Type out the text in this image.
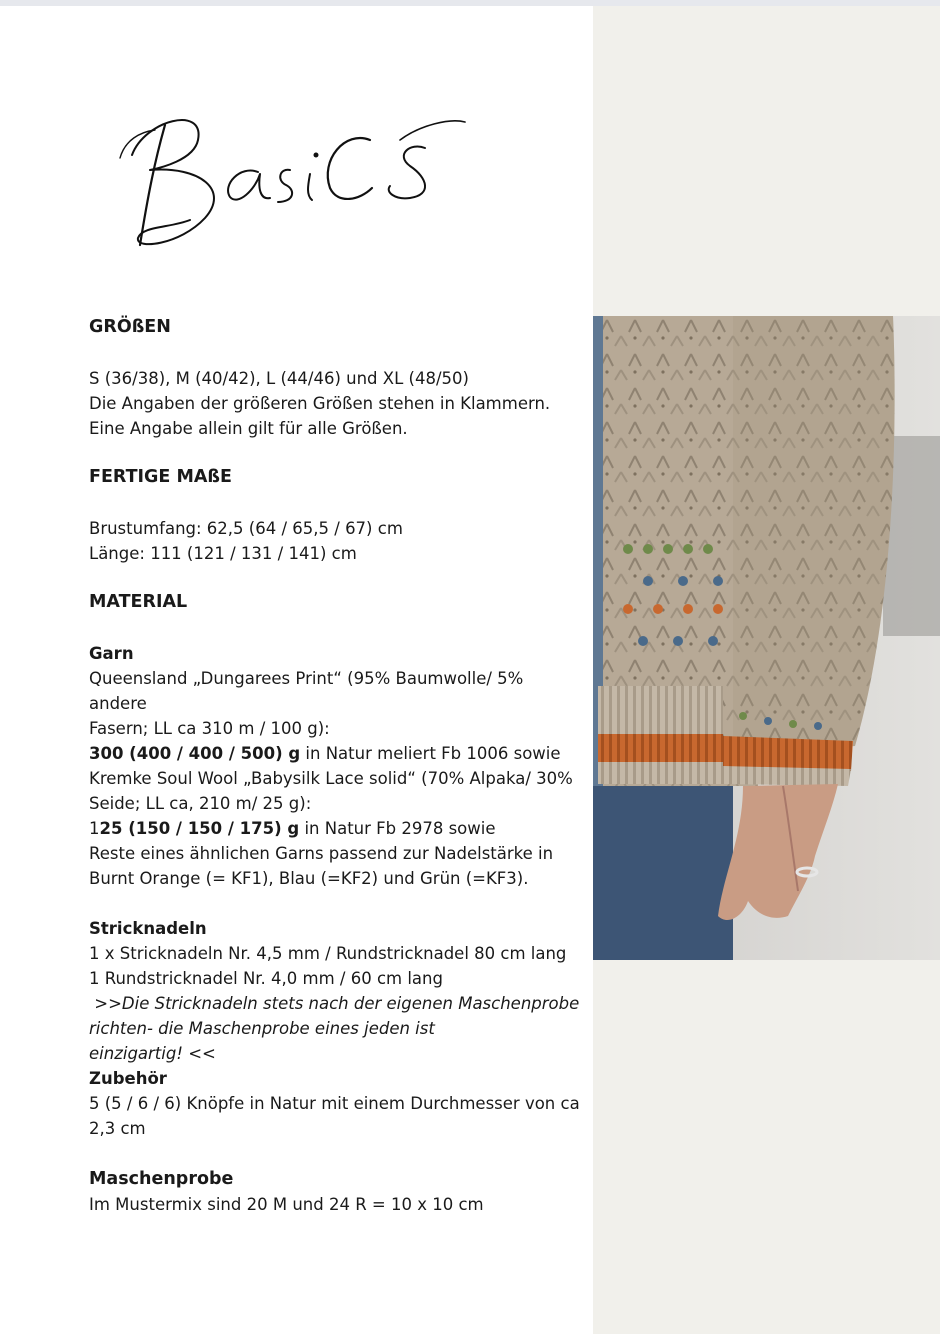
GRÖßEN

S (36/38), M (40/42), L (44/46) und XL (48/50)

Die Angaben der größeren Größen stehen in Klammern.

Eine Angabe allein gilt für alle Größen.

FERTIGE MAßE

Brustumfang: 62,5 (64 / 65,5 / 67) cm

Länge: 111 (121 / 131 / 141) cm

MATERIAL

Garn

Queensland „Dungarees Print“ (95% Baumwolle/ 5% andere

Fasern; LL ca 310 m / 100 g):

300 (400 / 400 / 500) g in Natur meliert Fb 1006 sowie

Kremke Soul Wool „Babysilk Lace solid“ (70% Alpaka/ 30%

Seide; LL ca, 210 m/ 25 g):

125 (150 / 150 / 175) g in Natur Fb 2978 sowie

Reste eines ähnlichen Garns passend zur Nadelstärke in

Burnt Orange (= KF1), Blau (=KF2) und Grün (=KF3).

Stricknadeln

1 x Stricknadeln Nr. 4,5 mm / Rundstricknadel 80 cm lang

1 Rundstricknadel Nr. 4,0 mm / 60 cm lang

>>Die Stricknadeln stets nach der eigenen Maschenprobe

richten- die Maschenprobe eines jeden ist

einzigartig! <<

Zubehör

5 (5 / 6 / 6) Knöpfe in Natur mit einem Durchmesser von ca

2,3 cm

Maschenprobe

Im Mustermix sind 20 M und 24 R = 10 x 10 cm
